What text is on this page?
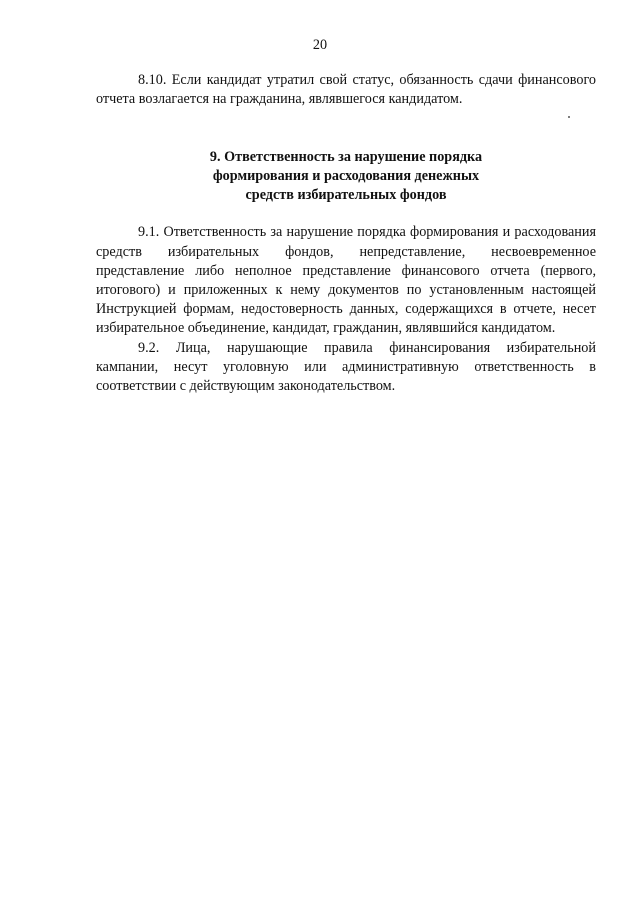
20

8.10. Если кандидат утратил свой статус, обязанность сдачи финансового отчета возлагается на гражданина, являвшегося кандидатом.

9. Ответственность за нарушение порядка
формирования и расходования денежных
средств избирательных фондов

9.1. Ответственность за нарушение порядка формирования и расходования средств избирательных фондов, непредставление, несвоевременное представление либо неполное представление финансового отчета (первого, итогового) и приложенных к нему документов по установленным настоящей Инструкцией формам, недостоверность данных, содержащихся в отчете, несет избирательное объединение, кандидат, гражданин, являвшийся кандидатом.

9.2. Лица, нарушающие правила финансирования избирательной кампании, несут уголовную или административную ответственность в соответствии с действующим законодательством.
